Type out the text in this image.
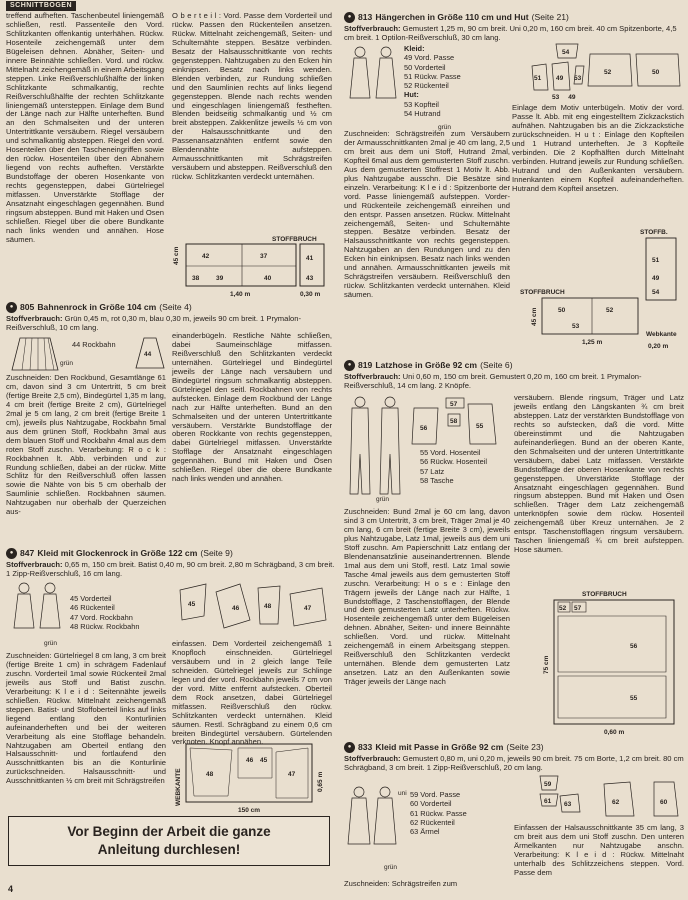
SCHNITTBOGEN
treffend aufheften. Taschenbeutel liniengemäß schließen, restl. Passenteile den Vord. Schlitzkanten offenkantig unterhähen. Rückw. Hosenteile zeichengemäß unter dem Bügeleisen dehnen. Abnäher, Seiten- und innere Beinnähte schließen. Vord. und rückw. Mittelnaht zeichengemäß in einem Arbeitsgang steppen. Linke Reißverschlußhälfte der linken Schlitzkante schmalkantig, rechte Reißverschlußhälfte der rechten Schlitzkante liniengemäß untersteppen. Einlage dem Bund der Länge nach zur Hälfte unterheften. Bund an den Schmalseiten und der unteren Untertrittkante versäubern. Riegel versäubern und schmalkantig absteppen. Riegel den vord. Hosenteilen über den Tascheneingriffen sowie den rückw. Hosenteilen über den Abnähern liegend von rechts aufheften. Verstärkte Bundstoffage der oberen Hosenkante von rechts gegensteppen, dabei Gürtelriegel mitfassen. Unverstärkte Stofflage der Ansatznaht eingeschlagen gegennähen. Bund ringsum absteppen. Bund mit Haken und Osen schließen. Riegel über die obere Bundkante nach links wenden und annähen. Hose säumen.
O b e r t e i l : Vord. Passe dem Vorderteil und rückw. Passen den Rückenteilen ansetzen. Rückw. Mittelnaht zeichengemäß, Seiten- und Schulternähte steppen. Besätze verbinden. Besatz der Halsausschnittkante von rechts gegensteppen. Nahtzugaben zu den Ecken hin einknipsen. Besatz nach links wenden. Blenden verbinden, zur Rundung schließen und den Saumlinien rechts auf links liegend gegensteppen. Blende nach rechts wenden und eingeschlagen liniengemäß festheften. Blenden beidseitig schmalkantig und ½ cm breit absteppen. Zakkenlitze jeweils ½ cm von der Halsausschnittkante und den Passenansatznähten entfernt sowie den Blendennähte aufsteppen. Armausschnittkanten mit Schrägstreifen versäubern und absteppen. Reißverschluß den rückw. Schlitzkanten verdeckt unternähen.
STOFFBRUCH
42	37
38	39	40
41
43
45 cm
1,40 m	0,30 m
● 805 Bahnenrock in Größe 104 cm (Seite 4)
Stoffverbrauch: Grün 0,45 m, rot 0,30 m, blau 0,30 m, jeweils 90 cm breit. 1 Prymalon-Reißverschluß, 10 cm lang.
44 Rockbahn
44
grün
Zuschneiden: Den Rockbund, Gesamtlänge 61 cm, davon sind 3 cm Untertritt, 5 cm breit (fertige Breite 2,5 cm), Bindegürtel 1,35 m lang, 4 cm breit (fertige Breite 2 cm), Gürtelriegel 2mal je 5 cm lang, 2 cm breit (fertige Breite 1 cm), jeweils plus Nahtzugabe, Rockbahn 5mal aus dem grünen Stoff, Rockbahn 3mal aus dem blauen Stoff und Rockbahn 4mal aus dem roten Stoff zuschn. Verarbeitung: R o c k : Rockbahnen lt. Abb. verbinden und zur Rundung schließen, dabei an der rückw. Mitte Schlitz für den Reißverschluß offen lassen sowie die Nähte von bis 5 cm oberhalb der Saumlinie schließen. Rockbahnen säumen. Nahtzugaben nur oberhalb der Querzeichen aus-
einanderbügeln. Restliche Nähte schließen, dabei Saumeinschläge mitfassen. Reißverschluß den Schlitzkanten verdeckt unternähen. Gürtelriegel und Bindegürtel jeweils der Länge nach versäubern und Bindegürtel ringsum schmalkantig absteppen. Gürtelriegel den seitl. Rockbahnen von rechts aufstecken. Einlage dem Rockbund der Länge nach zur Hälfte unterheften. Bund an den Schmalseiten und der unteren Untertrittkante versäubern. Verstärkte Bundstofflage der oberen Rockkante von rechts gegensteppen, dabei Gürtelriegel mitfassen. Unverstärkte Stofflage der Ansatznaht eingeschlagen gegennähen. Bund mit Haken und Ösen schließen. Riegel über die obere Bundkante nach links wenden und annähen.
● 847 Kleid mit Glockenrock in Größe 122 cm (Seite 9)
Stoffverbrauch: 0,65 m, 150 cm breit. Batist 0,40 m, 90 cm breit. 2,80 m Schrägband, 3 cm breit. 1 Zipp-Reißverschluß, 16 cm lang.
45 Vorderteil
46 Rückenteil
47 Vord. Rockbahn
48 Rückw. Rockbahn
45
46	48	47
grün
Zuschneiden: Gürtelriegel 8 cm lang, 3 cm breit (fertige Breite 1 cm) in schrägem Fadenlauf zuschn. Vorderteil 1mal sowie Rückenteil 2mal jeweils aus Stoff und Batist zuschn. Verarbeitung: K l e i d : Seitennähte jeweils schließen. Rückw. Mittelnaht zeichengemäß steppen. Batist- und Stoffoberteil links auf links liegend entlang den Konturlinien aufeinanderheften und bei der weiteren Verarbeitung als eine Stofflage behandeln. Nahtzugaben am Oberteil entlang den Halsausschnitt- und fortlaufend den Ausschnittkanten bis an die Konturlinie zurückschneiden. Halsausschnitt- und Ausschnittkanten ½ cm breit mit Schrägstreifen
einfassen. Dem Vorderteil zeichengemäß 1 Knopfloch einschneiden. Gürtelriegel versäubern und in 2 gleich lange Teile schneiden. Gürtelriegel jeweils zur Schlinge legen und der vord. Rockbahn jeweils 7 cm von der vord. Mitte entfernt aufstecken. Oberteil dem Rock ansetzen, dabei Gürtelriegel mitfassen. Reißverschluß den rückw. Schlitzkanten verdeckt unternähen. Kleid säumen. Restl. Schrägband zu einem 0,6 cm breiten Bindegürtel versäubern. Gürtelenden verknoten. Knopf annähen.
WEBKANTE	48
46 45
47	0,65 m
150 cm
Vor Beginn der Arbeit die ganze
Anleitung durchlesen!
4
● 813 Hängerchen in Größe 110 cm und Hut (Seite 21)
Stoffverbrauch: Gemustert 1,25 m, 90 cm breit. Uni 0,20 m, 160 cm breit. 40 cm Spitzenborte, 4,5 cm breit. 1 Optilon-Reißverschluß, 30 cm lang.
Kleid:
49 Vord. Passe
50 Vorderteil
51 Rückw. Passe
52 Rückenteil
Hut:
53 Kopfteil
54 Hutrand
grün
54
51 49 53
52	50
53 49
Einlage dem Motiv unterbügeln. Motiv der vord. Passe lt. Abb. mit eng eingestelltem Zickzackstich aufnähen. Nahtzugaben bis an die Zickzackstiche zurückschneiden. H u t : Einlage den Kopfteilen und 1 Hutrand unterheften. Je 3 Kopfteile verbinden. Die 2 Kopfhälften durch Mittelnaht verbinden. Hutrand jeweils zur Rundung schließen. Hutrand und den Außenkanten versäubern. Innenkanten einem Kopfteil aufeinanderheften. Hutrand dem Kopfteil ansetzen.
Zuschneiden: Schrägstreifen zum Versäubern der Armausschnittkanten 2mal je 40 cm lang, 2,5 cm breit aus dem uni Stoff, Hutrand 2mal, Kopfteil 6mal aus dem gemusterten Stoff zuschn. Aus dem gemusterten Stoffrest 1 Motiv lt. Abb. plus Nahtzugabe ausschn. Die Besätze sind einzeln. Verarbeitung: K l e i d : Spitzenborte der vord. Passe liniengemäß aufsteppen. Vorder- und Rückenteile zeichengemäß einreihen und den entspr. Passen ansetzen. Rückw. Mittelnaht zeichengemäß, Seiten- und Schulternähte steppen. Besätze verbinden. Besatz der Halsausschnittkante von rechts gegensteppen. Nahtzugaben an den Rundungen und zu den Ecken hin einknipsen. Besatz nach links wenden und annähen. Armausschnittkanten jeweils mit Schrägstreifen versäubern. Reißverschluß den rückw. Schlitzkanten verdeckt unternähen. Kleid säumen.
STOFFB.
STOFFBRUCH
50	52
53
51
49
54
45 cm
1,25 m
Webkante
0,20 m
● 819 Latzhose in Größe 92 cm (Seite 6)
Stoffverbrauch: Uni 0,60 m, 150 cm breit. Gemustert 0,20 m, 160 cm breit. 1 Prymalon-Reißverschluß, 14 cm lang. 2 Knöpfe.
57
56
58
55
55 Vord. Hosenteil
56 Rückw. Hosenteil
57 Latz
58 Tasche
grün
Zuschneiden: Bund 2mal je 60 cm lang, davon sind 3 cm Untertritt, 3 cm breit, Träger 2mal je 40 cm lang, 6 cm breit (fertige Breite 3 cm), jeweils plus Nahtzugabe, Latz 1mal, jeweils aus dem uni Stoff zuschn. Am Papierschnitt Latz entlang der Blendenansatzlinie auseinandertrennen. Blende 1mal aus dem uni Stoff, restl. Latz 1mal sowie Tasche 4mal jeweils aus dem gemusterten Stoff zuschn. Verarbeitung: H o s e : Einlage den Trägern jeweils der Länge nach zur Hälfte, 1 Bundstofflage, 2 Taschenstofflagen, der Blende und dem gemusterten Latz unterheften. Rückw. Hosenteile zeichengemäß unter dem Bügeleisen dehnen. Abnäher, Seiten- und innere Beinnähte schließen. Vord. und rückw. Mittelnaht zeichengemäß in einem Arbeitsgang steppen. Reißverschluß den Schlitzkanten verdeckt unternähen. Blende dem gemusterten Latz ansetzen. Latz an den Außenkanten sowie Träger jeweils der Länge nach
versäubern. Blende ringsum, Träger und Latz jeweils entlang den Längskanten ¾ cm breit absteppen. Latz der verstärkten Bundstofflage von rechts so aufstecken, daß die vord. Mitte übereinstimmt und die Nahtzugaben aufeinanderliegen. Bund an der oberen Kante, den Schmalseiten und der unteren Untertrittkante versäubern, dabei Latz mitfassen. Verstärkte Bundstofflage der oberen Hosenkante von rechts gegensteppen. Unverstärkte Stofflage der Ansatznaht eingeschlagen gegennähen. Bund ringsum absteppen. Bund mit Haken und Ösen schließen. Träger dem Latz zeichengemäß unterknöpfen sowie dem rückw. Hosenteil zeichengemäß über Kreuz unternähen. Je 2 entspr. Taschenstofflagen ringsum versäubern. Taschen liniengemäß ¾ cm breit aufsteppen. Hose säumen.
STOFFBRUCH
52 57
56
55
75 cm
0,60 m
● 833 Kleid mit Passe in Größe 92 cm (Seite 23)
Stoffverbrauch: Gemustert 0,80 m, uni 0,20 m, jeweils 90 cm breit. 75 cm Borte, 1,2 cm breit. 80 cm Schrägband, 3 cm breit. 1 Zipp-Reißverschluß, 20 cm lang.
uni 59 Vord. Passe
60 Vorderteil
61 Rückw. Passe
62 Rückenteil
63 Ärmel
grün
59
61 63	62	60
Einfassen der Halsausschnittkante 35 cm lang, 3 cm breit aus dem uni Stoff zuschn. Den unteren Ärmelkanten nur Nahtzugabe anschn. Verarbeitung: K l e i d : Rückw. Mittelnaht unterhalb des Schlitzzeichens steppen. Vord. Passe dem
Zuschneiden: Schrägstreifen zum
